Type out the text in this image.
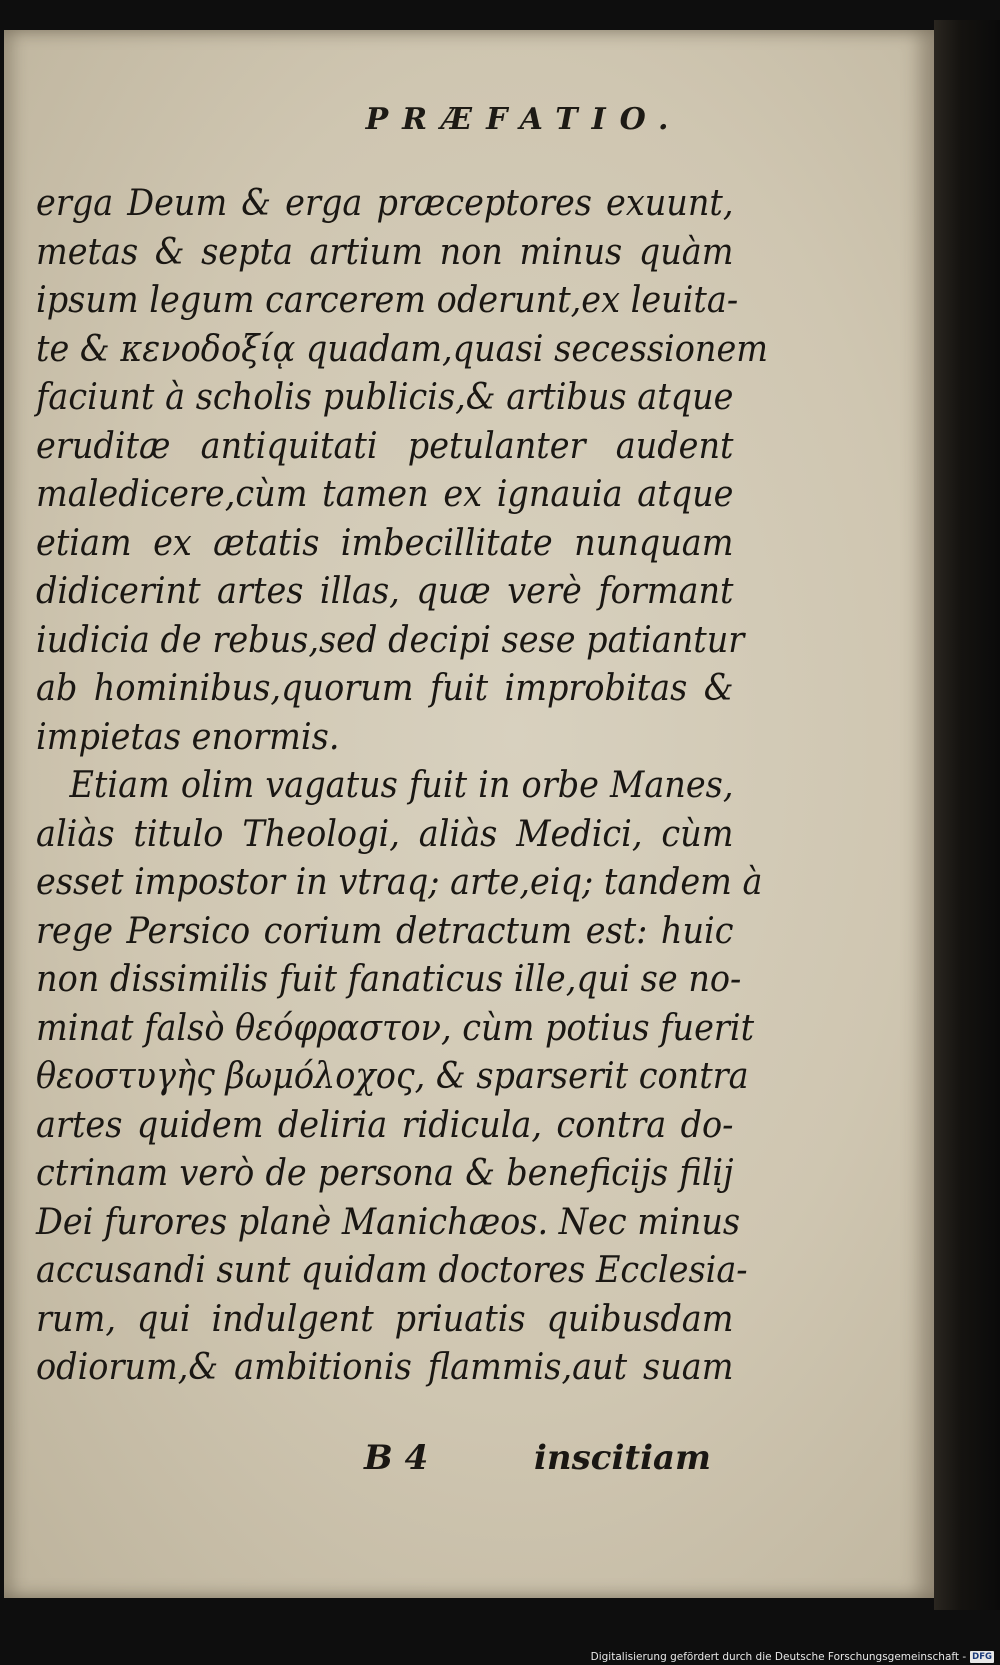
PRÆFATIO.
erga Deum & erga præceptores exuunt,
metas & septa artium non minus quàm
ipsum legum carcerem oderunt,ex leuita-
te & κενοδοξίᾳ quadam,quasi secessionem
faciunt à scholis publicis,& artibus atque
eruditæ antiquitati petulanter audent
maledicere,cùm tamen ex ignauia atque
etiam ex ætatis imbecillitate nunquam
didicerint artes illas, quæ verè formant
iudicia de rebus,sed decipi sese patiantur
ab hominibus,quorum fuit improbitas &
impietas enormis.
Etiam olim vagatus fuit in orbe Manes,
aliàs titulo Theologi, aliàs Medici, cùm
esset impostor in vtraq; arte,eiq; tandem à
rege Persico corium detractum est: huic
non dissimilis fuit fanaticus ille,qui se no-
minat falsò θεόφραστον, cùm potius fuerit
θεοστυγὴς βωμόλοχος, & sparserit contra
artes quidem deliria ridicula, contra do-
ctrinam verò de persona & beneficijs filij
Dei furores planè Manichæos. Nec minus
accusandi sunt quidam doctores Ecclesia-
rum, qui indulgent priuatis quibusdam
odiorum,& ambitionis flammis,aut suam
B 4	inscitiam
Digitalisierung gefördert durch die Deutsche Forschungsgemeinschaft - DFG
